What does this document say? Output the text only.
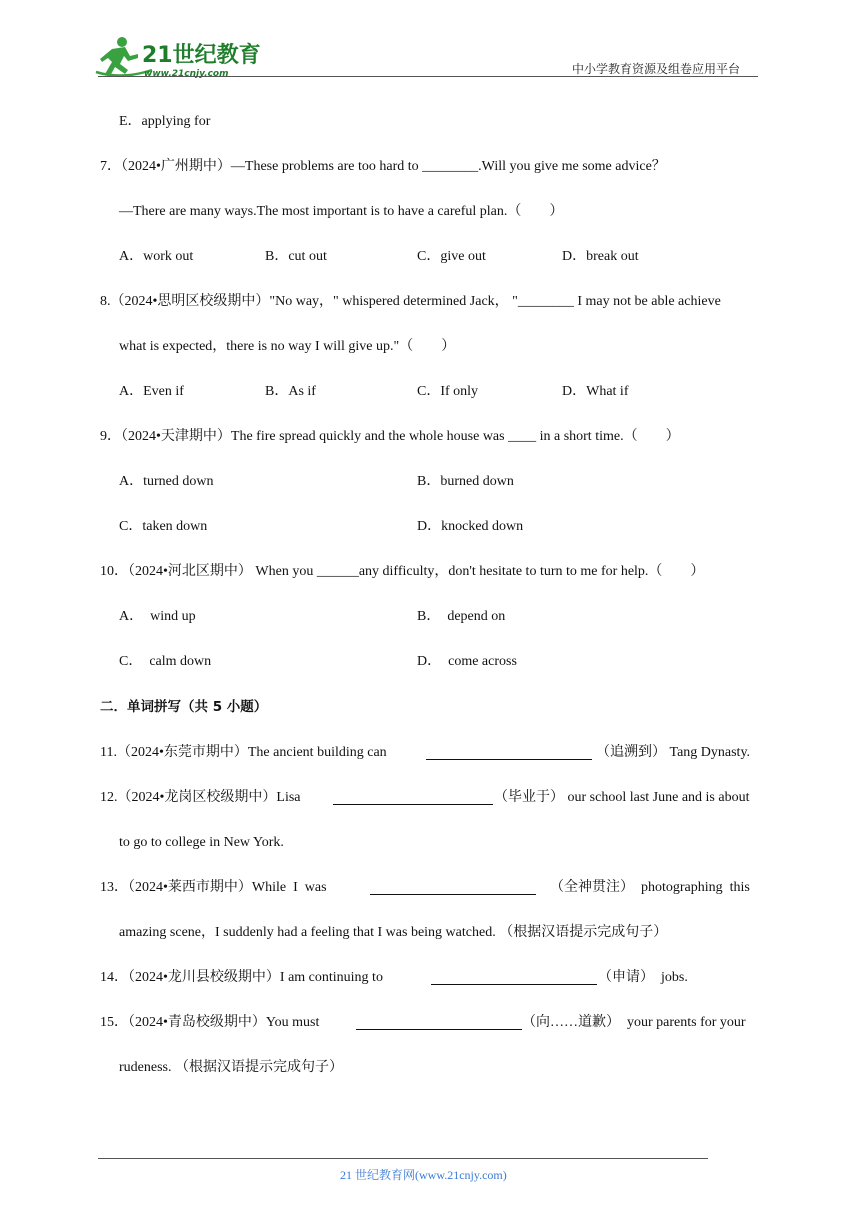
21世纪教育
www.21cnjy.com	中小学教育资源及组卷应用平台
E．applying for
7．（2024•广州期中）—These problems are too hard to ________.Will you give me some advice？
—There are many ways.The most important is to have a careful plan.（　　）
A．work out	B．cut out	C．give out	D．break out
8.（2024•思明区校级期中）"No way，" whispered determined Jack， "________ I may not be able achieve
what is expected，there is no way I will give up."（　　）
A．Even if	B．As if	C．If only	D．What if
9．（2024•天津期中）The fire spread quickly and the whole house was ____ in a short time.（　　）
A．turned down	B．burned down
C．taken down	D．knocked down
10．（2024•河北区期中） When you ______any difficulty，don't hesitate to turn to me for help.（　　）
A．  wind up	B．  depend on
C．  calm down	D．  come across
二．单词拼写（共 5 小题）
11.（2024•东莞市期中）The ancient building can	（追溯到） Tang Dynasty.
12.（2024•龙岗区校级期中）Lisa	（毕业于） our school last June and is about
to go to college in New York.
13．（2024•莱西市期中）While  I  was	（全神贯注）  photographing  this
amazing scene，I suddenly had a feeling that I was being watched. （根据汉语提示完成句子）
14．（2024•龙川县校级期中）I am continuing to	（申请）  jobs.
15．（2024•青岛校级期中）You must	（向……道歉）  your parents for your
rudeness. （根据汉语提示完成句子）
21 世纪教育网(www.21cnjy.com)
